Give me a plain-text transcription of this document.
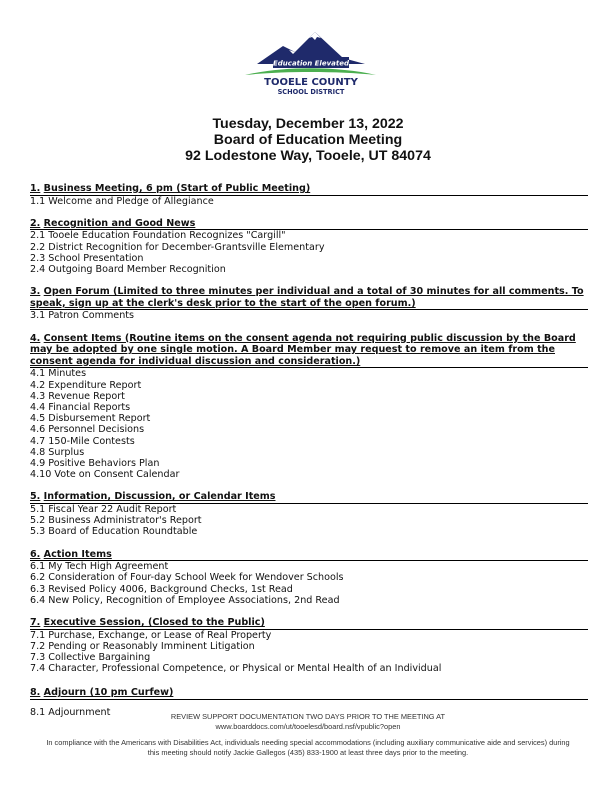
Education Elevated
TOOELE COUNTY
SCHOOL DISTRICT
Tuesday, December 13, 2022
Board of Education Meeting
92 Lodestone Way, Tooele, UT 84074
1. Business Meeting, 6 pm (Start of Public Meeting)
1.1 Welcome and Pledge of Allegiance
2. Recognition and Good News
2.1 Tooele Education Foundation Recognizes "Cargill"
2.2 District Recognition for December-Grantsville Elementary
2.3 School Presentation
2.4 Outgoing Board Member Recognition
3. Open Forum (Limited to three minutes per individual and a total of 30 minutes for all comments. To speak, sign up at the clerk's desk prior to the start of the open forum.)
3.1 Patron Comments
4. Consent Items (Routine items on the consent agenda not requiring public discussion by the Board may be adopted by one single motion. A Board Member may request to remove an item from the consent agenda for individual discussion and consideration.)
4.1 Minutes
4.2 Expenditure Report
4.3 Revenue Report
4.4 Financial Reports
4.5 Disbursement Report
4.6 Personnel Decisions
4.7 150-Mile Contests
4.8 Surplus
4.9 Positive Behaviors Plan
4.10 Vote on Consent Calendar
5. Information, Discussion, or Calendar Items
5.1 Fiscal Year 22 Audit Report
5.2 Business Administrator's Report
5.3 Board of Education Roundtable
6. Action Items
6.1 My Tech High Agreement
6.2 Consideration of Four-day School Week for Wendover Schools
6.3 Revised Policy 4006, Background Checks, 1st Read
6.4 New Policy, Recognition of Employee Associations, 2nd Read
7. Executive Session, (Closed to the Public)
7.1 Purchase, Exchange, or Lease of Real Property
7.2 Pending or Reasonably Imminent Litigation
7.3 Collective Bargaining
7.4 Character, Professional Competence, or Physical or Mental Health of an Individual
8. Adjourn (10 pm Curfew)
8.1 Adjournment	REVIEW SUPPORT DOCUMENTATION TWO DAYS PRIOR TO THE MEETING AT
www.boarddocs.com/ut/tooelesd/board.nsf/vpublic?open
In compliance with the Americans with Disabilities Act, individuals needing special accommodations (including auxiliary communicative aide and services) during this meeting should notify Jackie Gallegos (435) 833-1900 at least three days prior to the meeting.
